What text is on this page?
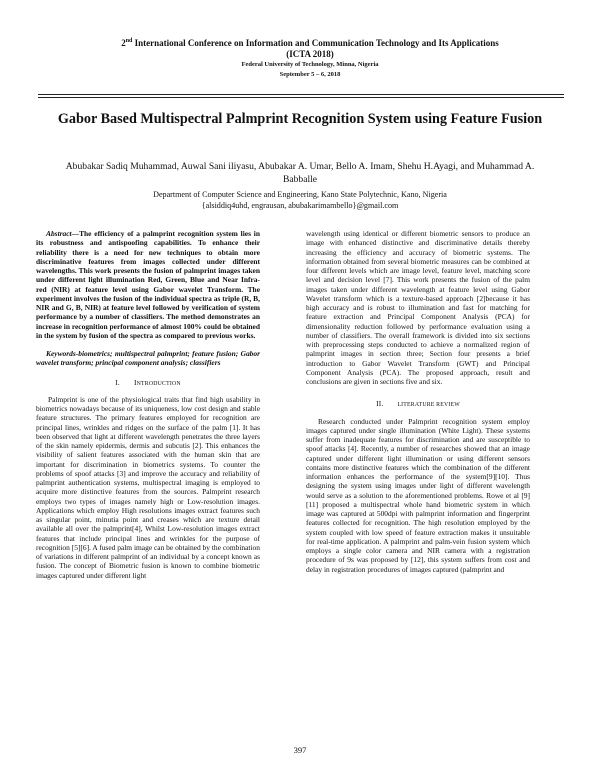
2nd International Conference on Information and Communication Technology and Its Applications
(ICTA 2018)
Federal University of Technology, Minna, Nigeria
September 5 – 6, 2018
Gabor Based Multispectral Palmprint Recognition System using Feature Fusion
Abubakar Sadiq Muhammad, Auwal Sani iliyasu, Abubakar A. Umar, Bello A. Imam, Shehu H.Ayagi, and Muhammad A. Babballe
Department of Computer Science and Engineering, Kano State Polytechnic, Kano, Nigeria
{alsiddiq4uhd, engrausan, abubakarimambello}@gmail.com

Abstract—The efficiency of a palmprint recognition system lies in its robustness and antispoofing capabilities. To enhance their reliability there is a need for new techniques to obtain more discriminative features from images collected under different wavelengths. This work presents the fusion of palmprint images taken under different light illumination Red, Green, Blue and Near Infra-red (NIR) at feature level using Gabor wavelet Transform. The experiment involves the fusion of the individual spectra as triple (R, B, NIR and G, B, NIR) at feature level followed by verification of system performance by a number of classifiers. The method demonstrates an increase in recognition performance of almost 100% could be obtained in the system by fusion of the spectra as compared to previous works.

Keywords-biometrics; multispectral palmprint; feature fusion; Gabor wavelet transform; principal component analysis; classifiers

I. INTRODUCTION

Palmprint is one of the physiological traits that find high usability in biometrics nowadays because of its uniqueness, low cost design and stable feature structures. The primary features employed for recognition are principal lines, wrinkles and ridges on the surface of the palm [1]. It has been observed that light at different wavelength penetrates the three layers of the skin namely epidermis, dermis and subcutis [2]. This enhances the visibility of salient features associated with the human skin that are important for discrimination in biometrics systems. To counter the problems of spoof attacks [3] and improve the accuracy and reliability of palmprint authentication systems, multispectral imaging is employed to acquire more distinctive features from the sources. Palmprint research employs two types of images namely high or Low-resolution images. Applications which employ High resolutions images extract features such as singular point, minutia point and creases which are texture detail available all over the palmprint[4], Whilst Low-resolution images extract features that include principal lines and wrinkles for the purpose of recognition [5][6]. A fused palm image can be obtained by the combination of variations in different palmprint of an individual by a concept known as fusion. The concept of Biometric fusion is known to combine biometric images captured under different light

wavelength using identical or different biometric sensors to produce an image with enhanced distinctive and discriminative details thereby increasing the efficiency and accuracy of biometric systems. The information obtained from several biometric measures can be combined at four different levels which are image level, feature level, matching score level and decision level [7]. This work presents the fusion of the palm images taken under different wavelength at feature level using Gabor Wavelet transform which is a texture-based approach [2]because it has high accuracy and is robust to illumination and fast for matching for feature extraction and Principal Component Analysis (PCA) for dimensionality reduction followed by performance evaluation using a number of classifiers. The overall framework is divided into six sections with preprocessing steps conducted to achieve a normalized region of palmprint images in section three; Section four presents a brief introduction to Gabor Wavelet Transform (GWT) and Principal Component Analysis (PCA). The proposed approach, result and conclusions are given in sections five and six.

II. LITERATURE REVIEW

Research conducted under Palmprint recognition system employ images captured under single illumination (White Light). These systems suffer from inadequate features for discrimination and are susceptible to spoof attacks [4]. Recently, a number of researches showed that an image captured under different light illumination or using different sensors contains more distinctive features which the combination of the different information enhances the performance of the system[9][10]. Thus designing the system using images under light of different wavelength would serve as a solution to the aforementioned problems. Rowe et al [9][11] proposed a multispectral whole hand biometric system in which image was captured at 500dpi with palmprint information and fingerprint features collected for recognition. The high resolution employed by the system coupled with low speed of feature extraction makes it unsuitable for real-time application. A palmprint and palm-vein fusion system which employs a single color camera and NIR camera with a registration procedure of 9s was proposed by [12], this system suffers from cost and delay in registration procedures of images captured (palmprint and

397
